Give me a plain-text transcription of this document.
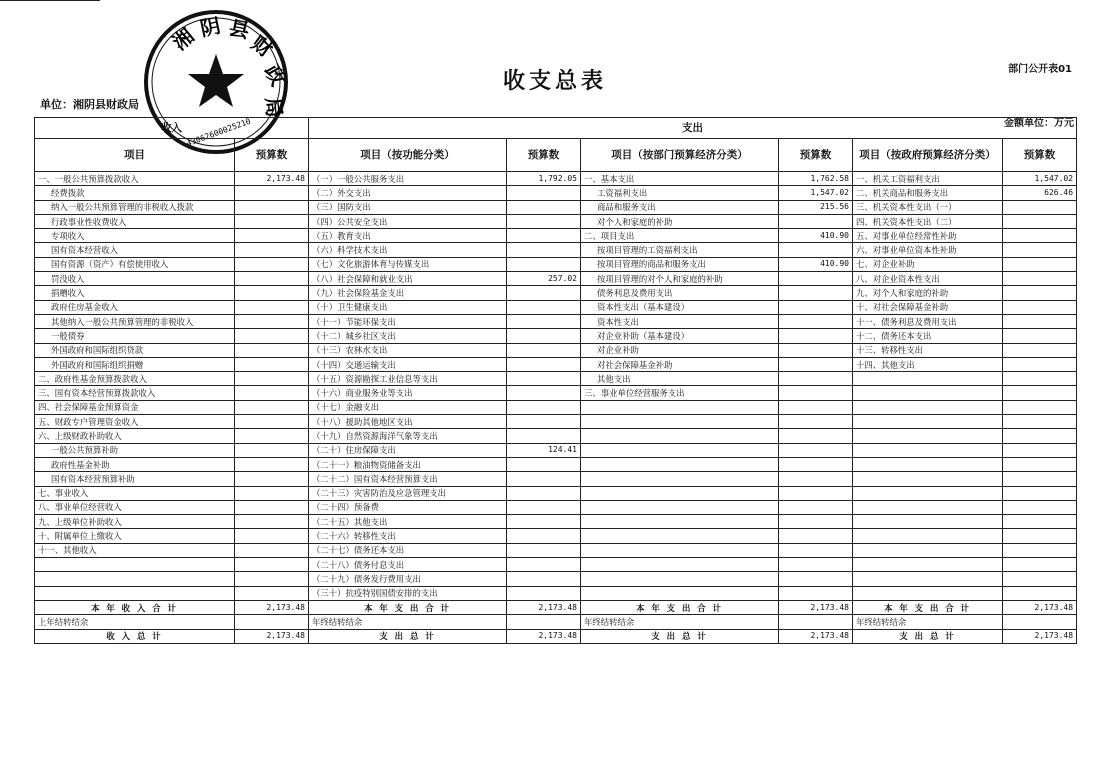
湘 阴 县
财
政
局
43062600025210
收支总表	部门公开表01
单位：湘阴县财政局
金额单位：万元
收入		支出					
项目	预算数	项目（按功能分类）	预算数	项目（按部门预算经济分类）	预算数	项目（按政府预算经济分类）	预算数
一、一般公共预算拨款收入	2,173.48	（一）一般公共服务支出	1,792.05	一、基本支出	1,762.58	一、机关工资福利支出	1,547.02
经费拨款		（二）外交支出		工资福利支出	1,547.02	二、机关商品和服务支出	626.46
纳入一般公共预算管理的非税收入拨款		（三）国防支出		商品和服务支出	215.56	三、机关资本性支出（一）	
行政事业性收费收入		（四）公共安全支出		对个人和家庭的补助		四、机关资本性支出（二）	
专项收入		（五）教育支出		二、项目支出	410.90	五、对事业单位经常性补助	
国有资本经营收入		（六）科学技术支出		按项目管理的工资福利支出		六、对事业单位资本性补助	
国有资源（资产）有偿使用收入		（七）文化旅游体育与传媒支出		按项目管理的商品和服务支出	410.90	七、对企业补助	
罚没收入		（八）社会保障和就业支出	257.02	按项目管理的对个人和家庭的补助		八、对企业资本性支出	
捐赠收入		（九）社会保险基金支出		债务利息及费用支出		九、对个人和家庭的补助	
政府住房基金收入		（十）卫生健康支出		资本性支出（基本建设）		十、对社会保障基金补助	
其他纳入一般公共预算管理的非税收入		（十一）节能环保支出		资本性支出		十一、债务利息及费用支出	
一般债券		（十二）城乡社区支出		对企业补助（基本建设）		十二、债务还本支出	
外国政府和国际组织贷款		（十三）农林水支出		对企业补助		十三、转移性支出	
外国政府和国际组织捐赠		（十四）交通运输支出		对社会保障基金补助		十四、其他支出	
二、政府性基金预算拨款收入		（十五）资源勘探工业信息等支出		其他支出			
三、国有资本经营预算拨款收入		（十六）商业服务业等支出		三、事业单位经营服务支出			
四、社会保障基金预算资金		（十七）金融支出					
五、财政专户管理资金收入		（十八）援助其他地区支出					
六、上级财政补助收入		（十九）自然资源海洋气象等支出					
一般公共预算补助		（二十）住房保障支出	124.41				
政府性基金补助		（二十一）粮油物资储备支出					
国有资本经营预算补助		（二十二）国有资本经营预算支出					
七、事业收入		（二十三）灾害防治及应急管理支出					
八、事业单位经营收入		（二十四）预备费					
九、上级单位补助收入		（二十五）其他支出					
十、附属单位上缴收入		（二十六）转移性支出					
十一、其他收入		（二十七）债务还本支出					
		（二十八）债务付息支出					
		（二十九）债务发行费用支出					
		（三十）抗疫特别国债安排的支出					
本 年 收 入 合 计	2,173.48	本 年 支 出 合 计	2,173.48	本 年 支 出 合 计	2,173.48	本 年 支 出 合 计	2,173.48
上年结转结余		年终结转结余		年终结转结余		年终结转结余	
收 入 总 计	2,173.48	支 出 总 计	2,173.48	支 出 总 计	2,173.48	支 出 总 计	2,173.48
